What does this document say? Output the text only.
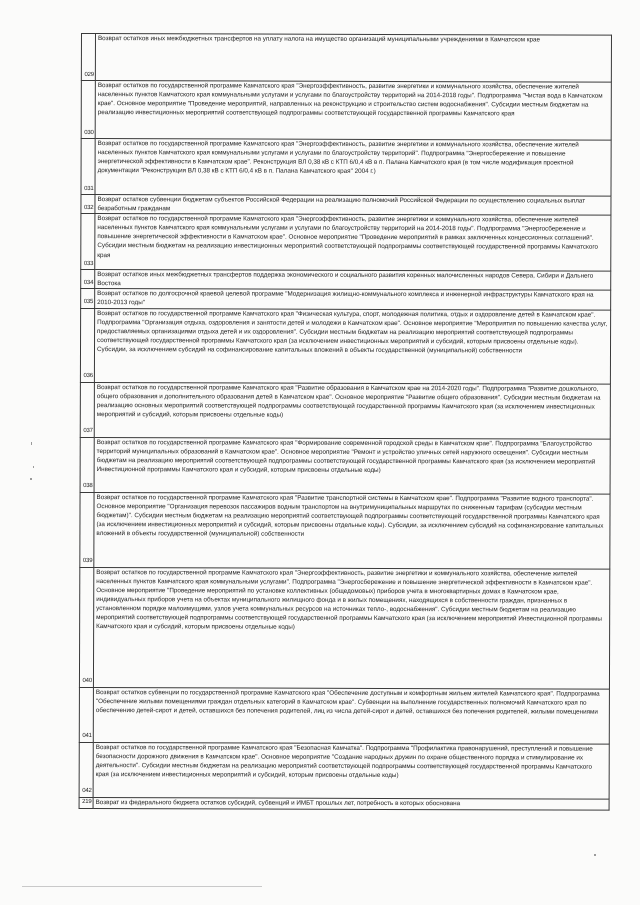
029	Возврат остатков иных межбюджетных трансфертов на уплату налога на имущество организаций муниципальными учреждениями в Камчатском крае

030	Возврат остатков по государственной программе Камчатского края "Энергоэффективность, развитие энергетики и коммунального хозяйства, обеспечение жителей населенных пунктов Камчатского края коммунальными услугами и услугами по благоустройству территорий на 2014-2018 годы". Подпрограмма "Чистая вода в Камчатском крае". Основное мероприятие "Проведение мероприятий, направленных на реконструкцию и строительство систем водоснабжения". Субсидии местным бюджетам на реализацию инвестиционных мероприятий соответствующей подпрограммы соответствующей государственной программы Камчатского края

031	Возврат остатков по государственной программе Камчатского края "Энергоэффективность, развитие энергетики и коммунального хозяйства, обеспечение жителей населенных пунктов Камчатского края коммунальными услугами и услугами по благоустройству территорий". Подпрограмма "Энергосбережение и повышение энергетической эффективности в Камчатском крае". Реконструкция ВЛ 0,38 кВ с КТП 6/0,4 кВ в п. Палана Камчатского края (в том числе модификация проектной документации "Реконструкция ВЛ 0,38 кВ с КТП 6/0,4 кВ в п. Палана Камчатского края" 2004 г.)

032	Возврат остатков субвенции бюджетам субъектов Российской Федерации на реализацию полномочий Российской Федерации по осуществлению социальных выплат безработным гражданам

033	Возврат остатков по государственной программе Камчатского края "Энергоэффективность, развитие энергетики и коммунального хозяйства, обеспечение жителей населенных пунктов Камчатского края коммунальными услугами и услугами по благоустройству территорий на 2014-2018 годы". Подпрограмма "Энергосбережение и повышение энергетической эффективности в Камчатском крае". Основное мероприятие "Проведение мероприятий в рамках заключенных концессионных соглашений". Субсидии местным бюджетам на реализацию инвестиционных мероприятий соответствующей подпрограммы соответствующей государственной программы Камчатского края

034	Возврат остатков иных межбюджетных трансфертов поддержка экономического и социального развития коренных малочисленных народов Севера, Сибири и Дальнего Востока

035	Возврат остатков по долгосрочной краевой целевой программе "Модернизация жилищно-коммунального комплекса и инженерной инфраструктуры Камчатского края на 2010-2013 годы"

036	Возврат остатков по государственной программе Камчатского края "Физическая культура, спорт, молодежная политика, отдых и оздоровление детей в Камчатском крае". Подпрограмма "Организация отдыха, оздоровления и занятости детей и молодежи в Камчатском крае". Основное мероприятие "Мероприятия по повышению качества услуг, предоставляемых организациями отдыха детей и их оздоровления". Субсидии местным бюджетам на реализацию мероприятий соответствующей подпрограммы соответствующей государственной программы Камчатского края (за исключением инвестиционных мероприятий и субсидий, которым присвоены отдельные коды). Субсидии, за исключением субсидий на софинансирование капитальных вложений в объекты государственной (муниципальной) собственности

037	Возврат остатков по государственной программе Камчатского края "Развитие образования в Камчатском крае на 2014-2020 годы". Подпрограмма "Развитие дошкольного, общего образования и дополнительного образования детей в Камчатском крае". Основное мероприятие "Развитие общего образования". Субсидии местным бюджетам на реализацию основных мероприятий соответствующей подпрограммы соответствующей государственной программы Камчатского края (за исключением инвестиционных мероприятий и субсидий, которым присвоены отдельные коды)

038	Возврат остатков по государственной программе Камчатского края "Формирование современной городской среды в Камчатском крае". Подпрограмма "Благоустройство территорий муниципальных образований в Камчатском крае". Основное мероприятие "Ремонт и устройство уличных сетей наружного освещения". Субсидии местным бюджетам на реализацию мероприятий соответствующей подпрограммы соответствующей государственной программы Камчатского края (за исключением мероприятий Инвестиционной программы Камчатского края и субсидий, которым присвоены отдельные коды)

039	Возврат остатков по государственной программе Камчатского края "Развитие транспортной системы в Камчатском крае". Подпрограмма "Развитие водного транспорта". Основное мероприятие "Организация перевозок пассажиров водным транспортом на внутримуниципальных маршрутах по сниженным тарифам (субсидии местным бюджетам)". Субсидии местным бюджетам на реализацию мероприятий соответствующей подпрограммы соответствующей государственной программы Камчатского края (за исключением инвестиционных мероприятий и субсидий, которым присвоены отдельные коды). Субсидии, за исключением субсидий на софинансирование капитальных вложений в объекты государственной (муниципальной) собственности

040	Возврат остатков по государственной программе Камчатского края "Энергоэффективность, развитие энергетики и коммунального хозяйства, обеспечение жителей населенных пунктов Камчатского края коммунальными услугами". Подпрограмма "Энергосбережение и повышение энергетической эффективности в Камчатском крае". Основное мероприятие "Проведение мероприятий по установке коллективных (общедомовых) приборов учета в многоквартирных домах в Камчатском крае, индивидуальных приборов учета на объектах муниципального жилищного фонда и в жилых помещениях, находящихся в собственности граждан, признанных в установленном порядке малоимущими, узлов учета коммунальных ресурсов на источниках тепло-, водоснабжения". Субсидии местным бюджетам на реализацию мероприятий соответствующей подпрограммы соответствующей государственной программы Камчатского края (за исключением мероприятий Инвестиционной программы Камчатского края и субсидий, которым присвоены отдельные коды)

041	Возврат остатков субвенции по государственной программе Камчатского края "Обеспечение доступным и комфортным жильем жителей Камчатского края". Подпрограмма "Обеспечение жилыми помещениями граждан отдельных категорий в Камчатском крае". Субвенции на выполнение государственных полномочий Камчатского края по обеспечению детей-сирот и детей, оставшихся без попечения родителей, лиц из числа детей-сирот и детей, оставшихся без попечения родителей, жилыми помещениями

042	Возврат остатков по государственной программе Камчатского края "Безопасная Камчатка". Подпрограмма "Профилактика правонарушений, преступлений и повышение безопасности дорожного движения в Камчатском крае". Основное мероприятие "Создание народных дружин по охране общественного порядка и стимулирование их деятельности". Субсидии местным бюджетам на реализацию мероприятий соответствующей подпрограммы соответствующей государственной программы Камчатского края (за исключением инвестиционных мероприятий и субсидий, которым присвоены отдельные коды)

219	Возврат из федерального бюджета остатков субсидий, субвенций и ИМБТ прошлых лет, потребность в которых обоснована
